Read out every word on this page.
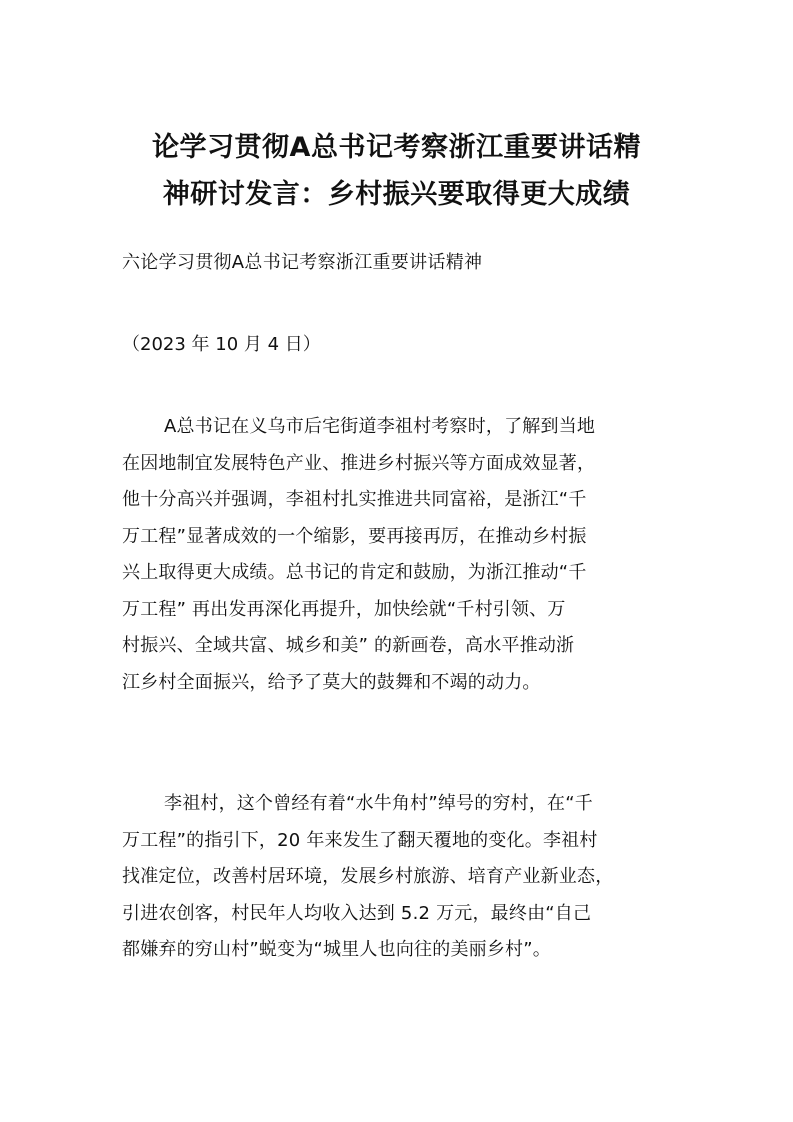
论学习贯彻A总书记考察浙江重要讲话精
神研讨发言：乡村振兴要取得更大成绩
六论学习贯彻A总书记考察浙江重要讲话精神
（2023 年 10 月 4 日）
A总书记在义乌市后宅街道李祖村考察时，了解到当地
在因地制宜发展特色产业、推进乡村振兴等方面成效显著，
他十分高兴并强调，李祖村扎实推进共同富裕，是浙江“千
万工程”显著成效的一个缩影，要再接再厉，在推动乡村振
兴上取得更大成绩。总书记的肯定和鼓励，为浙江推动“千
万工程” 再出发再深化再提升，加快绘就“千村引领、万
村振兴、全域共富、城乡和美” 的新画卷，高水平推动浙
江乡村全面振兴，给予了莫大的鼓舞和不竭的动力。
李祖村，这个曾经有着“水牛角村”绰号的穷村，在“千
万工程”的指引下，20 年来发生了翻天覆地的变化。李祖村
找准定位，改善村居环境，发展乡村旅游、培育产业新业态，
引进农创客，村民年人均收入达到 5.2 万元，最终由“自己
都嫌弃的穷山村”蜕变为“城里人也向往的美丽乡村”。
